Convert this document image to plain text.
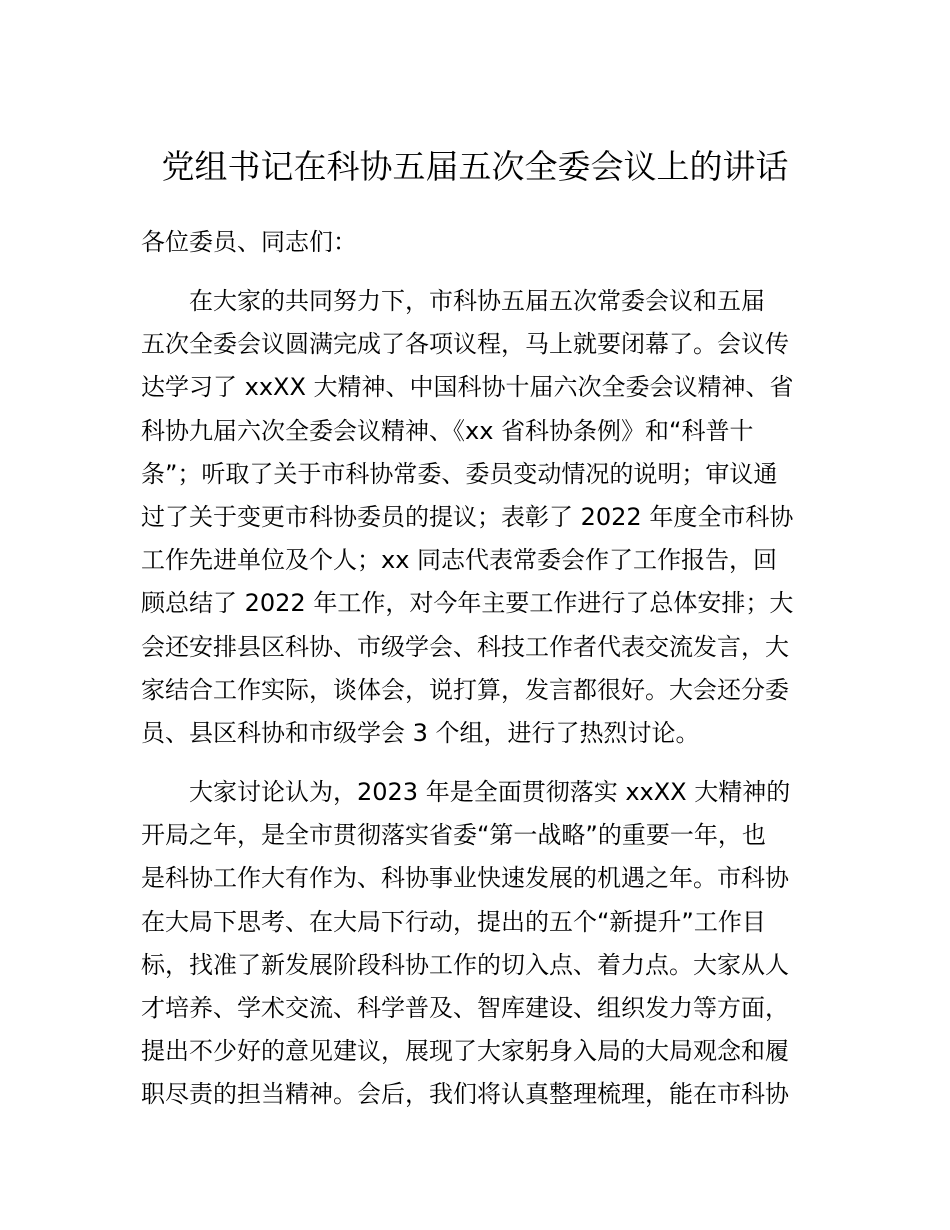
党组书记在科协五届五次全委会议上的讲话
各位委员、同志们：
在大家的共同努力下，市科协五届五次常委会议和五届
五次全委会议圆满完成了各项议程，马上就要闭幕了。会议传
达学习了 xxXX 大精神、中国科协十届六次全委会议精神、省
科协九届六次全委会议精神、《xx 省科协条例》和“科普十
条”；听取了关于市科协常委、委员变动情况的说明；审议通
过了关于变更市科协委员的提议；表彰了 2022 年度全市科协
工作先进单位及个人；xx 同志代表常委会作了工作报告，回
顾总结了 2022 年工作，对今年主要工作进行了总体安排；大
会还安排县区科协、市级学会、科技工作者代表交流发言，大
家结合工作实际，谈体会，说打算，发言都很好。大会还分委
员、县区科协和市级学会 3 个组，进行了热烈讨论。
大家讨论认为，2023 年是全面贯彻落实 xxXX 大精神的
开局之年，是全市贯彻落实省委“第一战略”的重要一年，也
是科协工作大有作为、科协事业快速发展的机遇之年。市科协
在大局下思考、在大局下行动，提出的五个“新提升”工作目
标，找准了新发展阶段科协工作的切入点、着力点。大家从人
才培养、学术交流、科学普及、智库建设、组织发力等方面，
提出不少好的意见建议，展现了大家躬身入局的大局观念和履
职尽责的担当精神。会后，我们将认真整理梳理，能在市科协
